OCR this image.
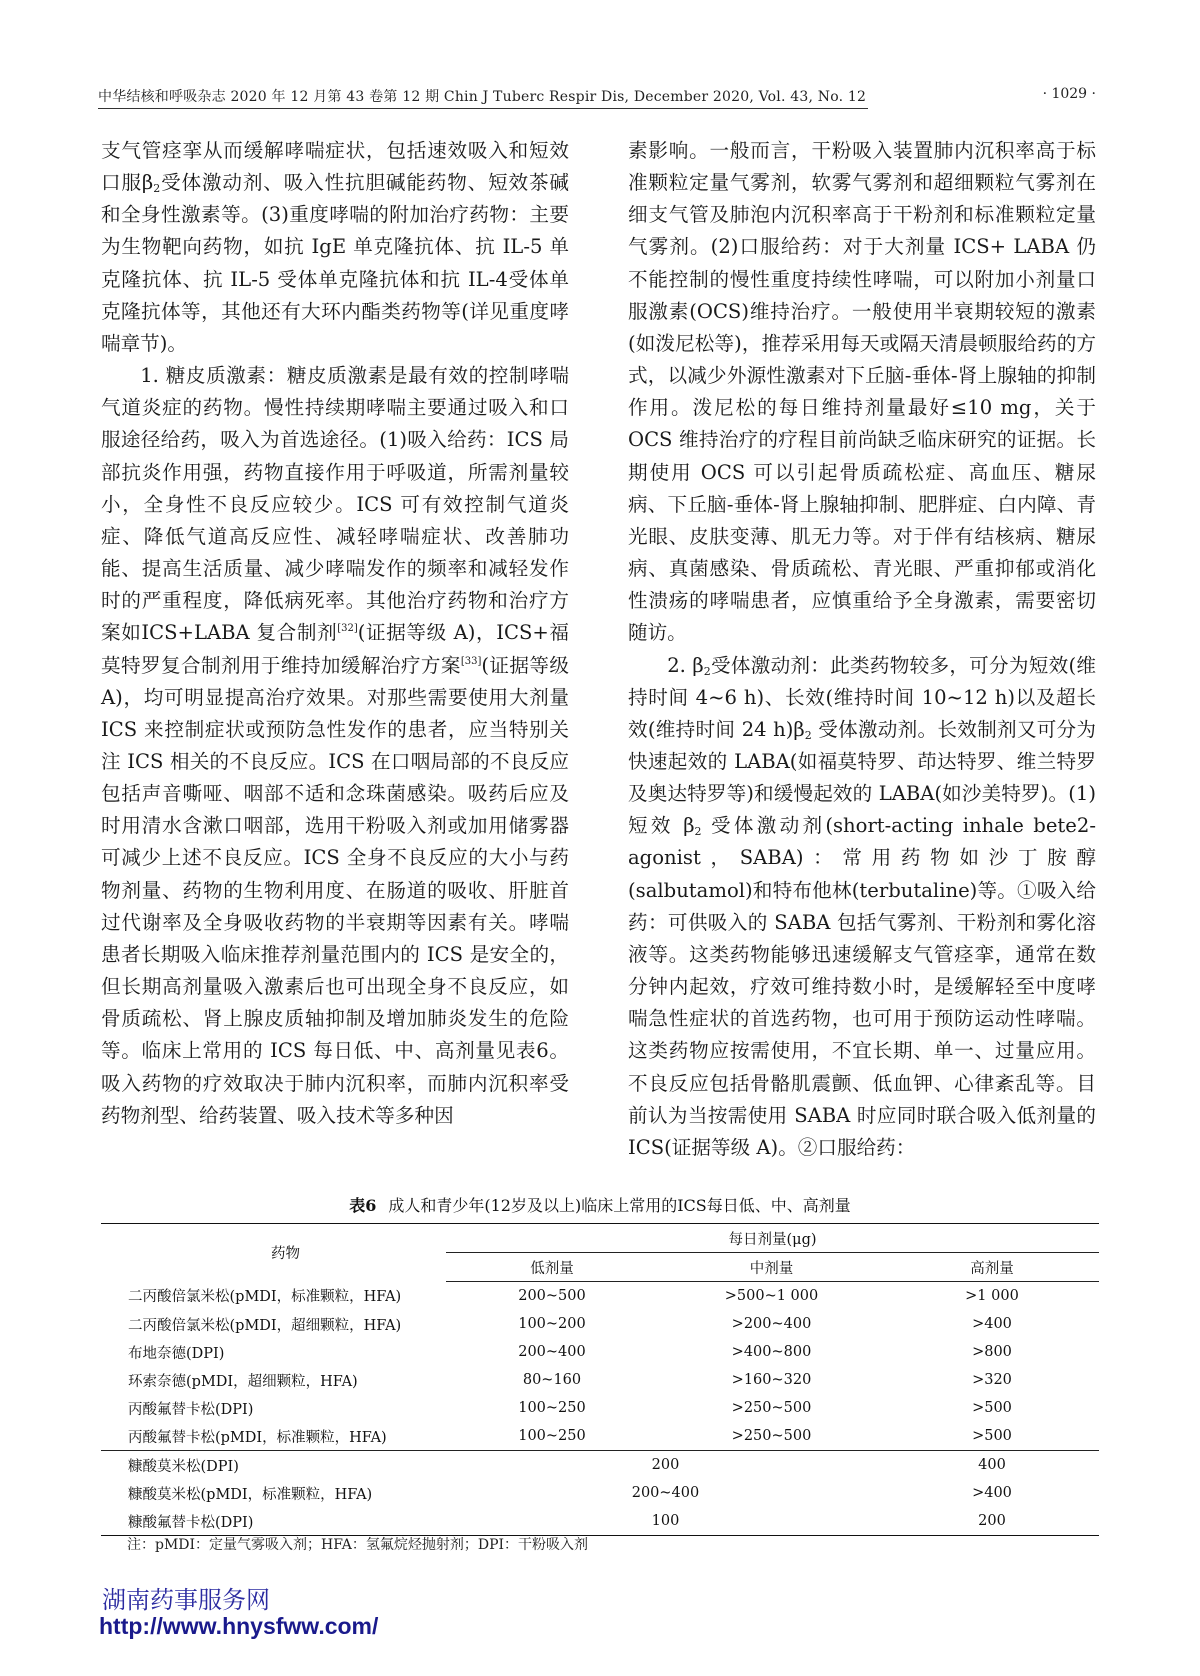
中华结核和呼吸杂志 2020 年 12 月第 43 卷第 12 期 Chin J Tuberc Respir Dis, December 2020, Vol. 43, No. 12	· 1029 ·

支气管痉挛从而缓解哮喘症状，包括速效吸入和短效口服$\beta_2$受体激动剂、吸入性抗胆碱能药物、短效茶碱和全身性激素等。(3)重度哮喘的附加治疗药物：主要为生物靶向药物，如抗 IgE 单克隆抗体、抗 IL-5 单克隆抗体、抗 IL-5 受体单克隆抗体和抗 IL-4受体单克隆抗体等，其他还有大环内酯类药物等(详见重度哮喘章节)。

1. 糖皮质激素：糖皮质激素是最有效的控制哮喘气道炎症的药物。慢性持续期哮喘主要通过吸入和口服途径给药，吸入为首选途径。(1)吸入给药：ICS 局部抗炎作用强，药物直接作用于呼吸道，所需剂量较小，全身性不良反应较少。ICS 可有效控制气道炎症、降低气道高反应性、减轻哮喘症状、改善肺功能、提高生活质量、减少哮喘发作的频率和减轻发作时的严重程度，降低病死率。其他治疗药物和治疗方案如ICS+LABA 复合制剂[32](证据等级 A)，ICS+福莫特罗复合制剂用于维持加缓解治疗方案[33](证据等级 A)，均可明显提高治疗效果。对那些需要使用大剂量 ICS 来控制症状或预防急性发作的患者，应当特别关注 ICS 相关的不良反应。ICS 在口咽局部的不良反应包括声音嘶哑、咽部不适和念珠菌感染。吸药后应及时用清水含漱口咽部，选用干粉吸入剂或加用储雾器可减少上述不良反应。ICS 全身不良反应的大小与药物剂量、药物的生物利用度、在肠道的吸收、肝脏首过代谢率及全身吸收药物的半衰期等因素有关。哮喘患者长期吸入临床推荐剂量范围内的 ICS 是安全的，但长期高剂量吸入激素后也可出现全身不良反应，如骨质疏松、肾上腺皮质轴抑制及增加肺炎发生的危险等。临床上常用的 ICS 每日低、中、高剂量见表6。吸入药物的疗效取决于肺内沉积率，而肺内沉积率受药物剂型、给药装置、吸入技术等多种因

素影响。一般而言，干粉吸入装置肺内沉积率高于标准颗粒定量气雾剂，软雾气雾剂和超细颗粒气雾剂在细支气管及肺泡内沉积率高于干粉剂和标准颗粒定量气雾剂。(2)口服给药：对于大剂量 ICS+ LABA 仍不能控制的慢性重度持续性哮喘，可以附加小剂量口服激素(OCS)维持治疗。一般使用半衰期较短的激素(如泼尼松等)，推荐采用每天或隔天清晨顿服给药的方式，以减少外源性激素对下丘脑-垂体-肾上腺轴的抑制作用。泼尼松的每日维持剂量最好≤10 mg，关于 OCS 维持治疗的疗程目前尚缺乏临床研究的证据。长期使用 OCS 可以引起骨质疏松症、高血压、糖尿病、下丘脑-垂体-肾上腺轴抑制、肥胖症、白内障、青光眼、皮肤变薄、肌无力等。对于伴有结核病、糖尿病、真菌感染、骨质疏松、青光眼、严重抑郁或消化性溃疡的哮喘患者，应慎重给予全身激素，需要密切随访。

2. $\beta_2$受体激动剂：此类药物较多，可分为短效(维持时间 4~6 h)、长效(维持时间 10~12 h)以及超长效(维持时间 24 $h)\beta_2$ 受体激动剂。长效制剂又可分为快速起效的 LABA(如福莫特罗、茚达特罗、维兰特罗及奥达特罗等)和缓慢起效的 LABA(如沙美特罗)。(1)短效 $\beta_2$ 受体激动剂(short-acting inhale bete2-agonist，SABA)：常用药物如沙丁胺醇(salbutamol)和特布他林(terbutaline)等。①吸入给药：可供吸入的 SABA 包括气雾剂、干粉剂和雾化溶液等。这类药物能够迅速缓解支气管痉挛，通常在数分钟内起效，疗效可维持数小时，是缓解轻至中度哮喘急性症状的首选药物，也可用于预防运动性哮喘。这类药物应按需使用，不宜长期、单一、过量应用。不良反应包括骨骼肌震颤、低血钾、心律紊乱等。目前认为当按需使用 SABA 时应同时联合吸入低剂量的 ICS(证据等级 A)。②口服给药：

表6 成人和青少年(12岁及以上)临床上常用的ICS每日低、中、高剂量
药物	每日剂量(μg)		
	低剂量	中剂量	高剂量
二丙酸倍氯米松(pMDI，标准颗粒，HFA)	200~500	>500~1 000	>1 000
二丙酸倍氯米松(pMDI，超细颗粒，HFA)	100~200	>200~400	>400
布地奈德(DPI)	200~400	>400~800	>800
环索奈德(pMDI，超细颗粒，HFA)	80~160	>160~320	>320
丙酸氟替卡松(DPI)	100~250	>250~500	>500
丙酸氟替卡松(pMDI，标准颗粒，HFA)	100~250	>250~500	>500
糠酸莫米松(DPI)	200		400
糠酸莫米松(pMDI，标准颗粒，HFA)	200~400		>400
糠酸氟替卡松(DPI)	100		200
注：pMDI：定量气雾吸入剂；HFA：氢氟烷烃抛射剂；DPI：干粉吸入剂
湖南药事服务网
http://www.hnysfww.com/
